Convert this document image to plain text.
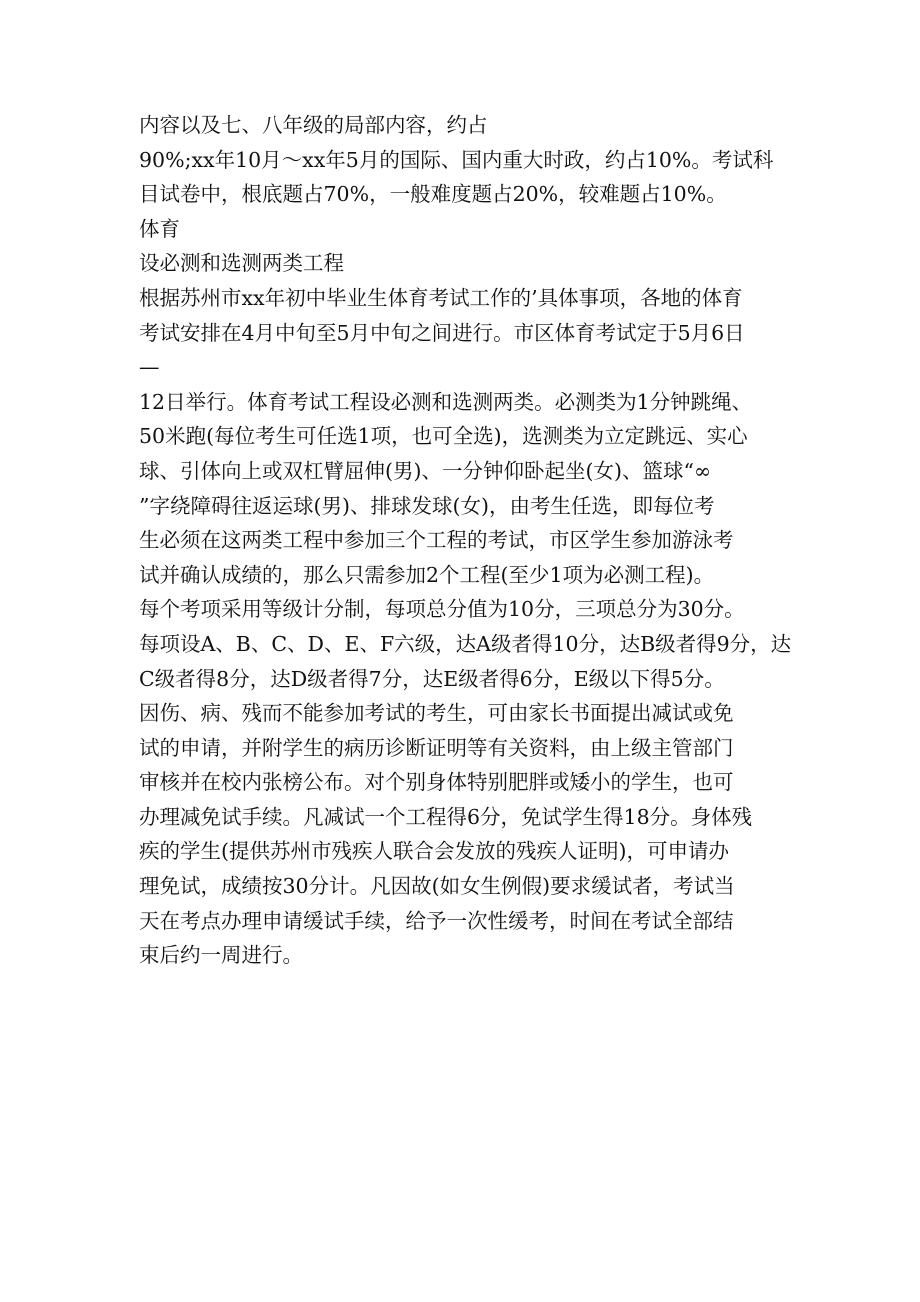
内容以及七、八年级的局部内容，约占
90%;xx年10月～xx年5月的国际、国内重大时政，约占10%。考试科
目试卷中，根底题占70%，一般难度题占20%，较难题占10%。
体育
设必测和选测两类工程
根据苏州市xx年初中毕业生体育考试工作的’具体事项，各地的体育
考试安排在4月中旬至5月中旬之间进行。市区体育考试定于5月6日
—
12日举行。体育考试工程设必测和选测两类。必测类为1分钟跳绳、
50米跑(每位考生可任选1项，也可全选)，选测类为立定跳远、实心
球、引体向上或双杠臂屈伸(男)、一分钟仰卧起坐(女)、篮球“∞
”字绕障碍往返运球(男)、排球发球(女)，由考生任选，即每位考
生必须在这两类工程中参加三个工程的考试，市区学生参加游泳考
试并确认成绩的，那么只需参加2个工程(至少1项为必测工程)。
每个考项采用等级计分制，每项总分值为10分，三项总分为30分。
每项设A、B、C、D、E、F六级，达A级者得10分，达B级者得9分，达
C级者得8分，达D级者得7分，达E级者得6分，E级以下得5分。
因伤、病、残而不能参加考试的考生，可由家长书面提出减试或免
试的申请，并附学生的病历诊断证明等有关资料，由上级主管部门
审核并在校内张榜公布。对个别身体特别肥胖或矮小的学生，也可
办理减免试手续。凡减试一个工程得6分，免试学生得18分。身体残
疾的学生(提供苏州市残疾人联合会发放的残疾人证明)，可申请办
理免试，成绩按30分计。凡因故(如女生例假)要求缓试者，考试当
天在考点办理申请缓试手续，给予一次性缓考，时间在考试全部结
束后约一周进行。
